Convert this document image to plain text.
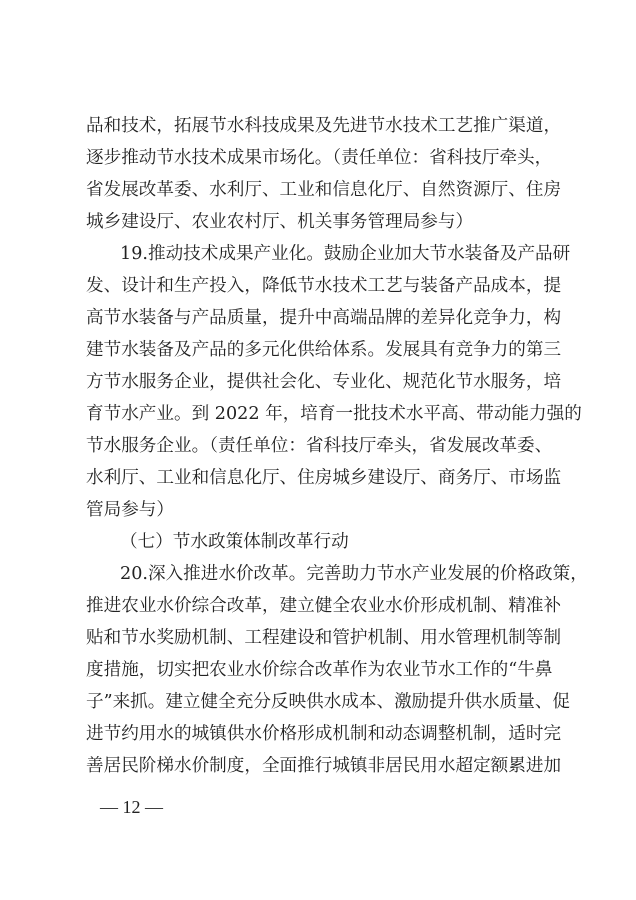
品和技术，拓展节水科技成果及先进节水技术工艺推广渠道，
逐步推动节水技术成果市场化。（责任单位：省科技厅牵头，
省发展改革委、水利厅、工业和信息化厅、自然资源厅、住房
城乡建设厅、农业农村厅、机关事务管理局参与）
19.推动技术成果产业化。鼓励企业加大节水装备及产品研
发、设计和生产投入，降低节水技术工艺与装备产品成本，提
高节水装备与产品质量，提升中高端品牌的差异化竞争力，构
建节水装备及产品的多元化供给体系。发展具有竞争力的第三
方节水服务企业，提供社会化、专业化、规范化节水服务，培
育节水产业。到 2022 年，培育一批技术水平高、带动能力强的
节水服务企业。（责任单位：省科技厅牵头，省发展改革委、
水利厅、工业和信息化厅、住房城乡建设厅、商务厅、市场监
管局参与）
（七）节水政策体制改革行动
20.深入推进水价改革。完善助力节水产业发展的价格政策，
推进农业水价综合改革，建立健全农业水价形成机制、精准补
贴和节水奖励机制、工程建设和管护机制、用水管理机制等制
度措施，切实把农业水价综合改革作为农业节水工作的“牛鼻
子”来抓。建立健全充分反映供水成本、激励提升供水质量、促
进节约用水的城镇供水价格形成机制和动态调整机制，适时完
善居民阶梯水价制度，全面推行城镇非居民用水超定额累进加
— 12 —
